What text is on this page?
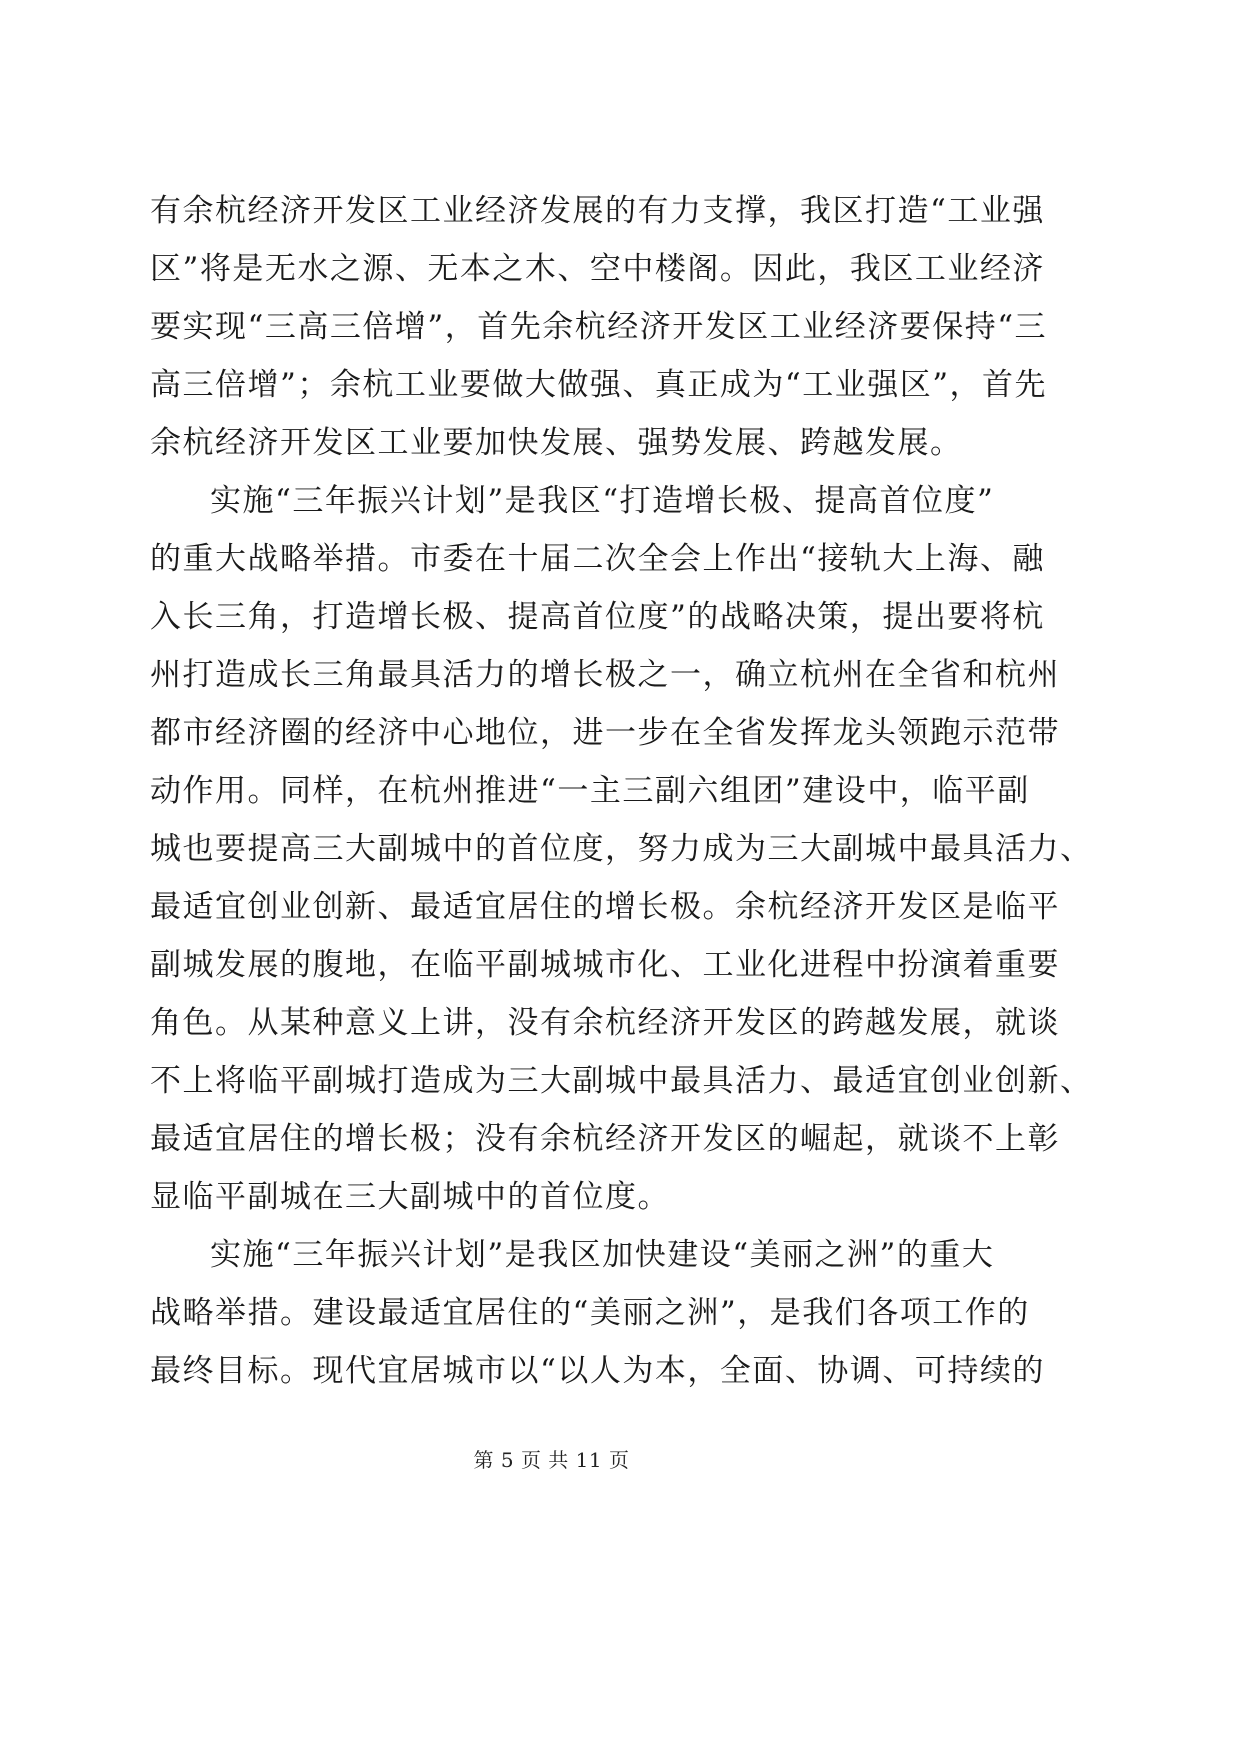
有余杭经济开发区工业经济发展的有力支撑，我区打造“工业强
区”将是无水之源、无本之木、空中楼阁。因此，我区工业经济
要实现“三高三倍增”，首先余杭经济开发区工业经济要保持“三
高三倍增”；余杭工业要做大做强、真正成为“工业强区”，首先
余杭经济开发区工业要加快发展、强势发展、跨越发展。
实施“三年振兴计划”是我区“打造增长极、提高首位度”
的重大战略举措。市委在十届二次全会上作出“接轨大上海、融
入长三角，打造增长极、提高首位度”的战略决策，提出要将杭
州打造成长三角最具活力的增长极之一，确立杭州在全省和杭州
都市经济圈的经济中心地位，进一步在全省发挥龙头领跑示范带
动作用。同样，在杭州推进“一主三副六组团”建设中，临平副
城也要提高三大副城中的首位度，努力成为三大副城中最具活力、
最适宜创业创新、最适宜居住的增长极。余杭经济开发区是临平
副城发展的腹地，在临平副城城市化、工业化进程中扮演着重要
角色。从某种意义上讲，没有余杭经济开发区的跨越发展，就谈
不上将临平副城打造成为三大副城中最具活力、最适宜创业创新、
最适宜居住的增长极；没有余杭经济开发区的崛起，就谈不上彰
显临平副城在三大副城中的首位度。
实施“三年振兴计划”是我区加快建设“美丽之洲”的重大
战略举措。建设最适宜居住的“美丽之洲”，是我们各项工作的
最终目标。现代宜居城市以“以人为本，全面、协调、可持续的
第 5 页 共 11 页
